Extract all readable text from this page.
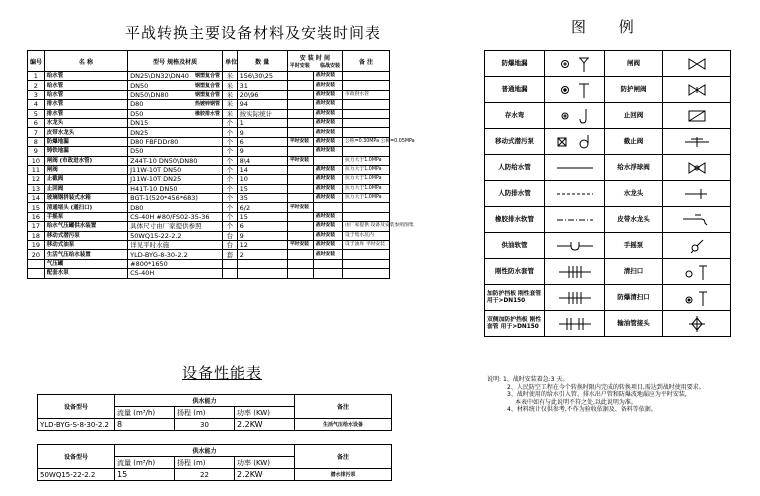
平战转换主要设备材料及安装时间表
编号	名 称	型号 规格及材质	单位	数 量	安 装 时 间
平时安装 临战安装		备 注
1	给水管	DN25\DN32\DN40 钢塑复合管	米	156\30\25		战时安装	
2	给水管	DN50 钢塑复合管	米	31		战时安装	
3	给水管	DN50\DN80 钢塑复合管	米	20\96		战时安装	市政供水管
4	排水管	D80 热镀锌钢管	米	94		战时安装	
5	排水管	D50 橡胶排水管	米	按实际统计		战时安装	
6	水龙头	DN15	个	1		战时安装	
7	皮带水龙头	DN25	个	9		战时安装	
8	防爆地漏	D80 FBFDDr80	个	6	平时安装	战时安装	公称=0.30MPa 公称=0.05MPa
9	铸铁地漏	D50	个	9		战时安装	
10	闸阀 (市政进水管)	Z44T-10 DN50\DN80	个	8\4	平时安装		抗力大于1.0MPa
11	闸阀	J11W-10T DN50	个	14		战时安装	抗力大于1.0MPa
12	止截阀	J11W-10T DN25	个	10		战时安装	抗力大于1.0MPa
13	止回阀	H41T-10 DN50	个	15		战时安装	抗力大于1.0MPa
14	玻璃钢拼装式水箱	BGT-1(520*456*683)	个	35		战时安装	抗力大于1.0MPa
15	清通堵头 (通扫口)	D80	个	6/2	平时安装		
16	手摇泵	CS-40H #80/FS02-35-36	个	15		战时安装	
17	给水气压罐供水装置	具体尺寸由厂家提供参照	个	6		战时安装	由厂家提供 设备及安装参照图集
18	移动式潜污泵	50WQ15-22-2.2	台	9		战时安装	设于集水坑内
19	移动式油泵	详见平时水施	台	12	平时安装	战时安装	设于油库 平时安装
20	生活气压给水装置	YLD-BYG-8-30-2.2	套	2		战时安装	
	气压罐	#800*1650					
	配套水泵	CS-40H					
设备性能表
设备型号	供水能力			备注
	流量 (m³/h)	扬程 (m)	功率 (KW)	
YLD-BYG-S-8-30-2.2	8	30	2.2KW	生活气压给水设备
设备型号	供水能力			备注
	流量 (m³/h)	扬程 (m)	功率 (KW)	
50WQ15-22-2.2	15	22	2.2KW	潜水排污泵
图 例
防爆地漏		闸阀	

普通地漏		防护闸阀	

存水弯		止回阀	

移动式潜污泵		截止阀	

人防给水管		给水浮球阀	

人防排水管		水龙头	

橡胶排水软管		皮带水龙头	

供油软管		手摇泵	

刚性防水套管		清扫口	

加防护挡板 刚性套管 用于>DN150		防爆清扫口	

双侧加防护挡板 刚性套管 用于>DN150		输油管接头	
说明: 1、战时安装着急:3 天。
2、人民防空工程在今个转换时限内完成的转换项目,需达到战时使用要求。
3、战时使用的给水引入管、排水出户管和防爆波地漏应为平时安装,
本表中如有与此说明不符之处,以此说明为准。
4、材料统计仅供参考,不作为验收依据及、备料等依据。
